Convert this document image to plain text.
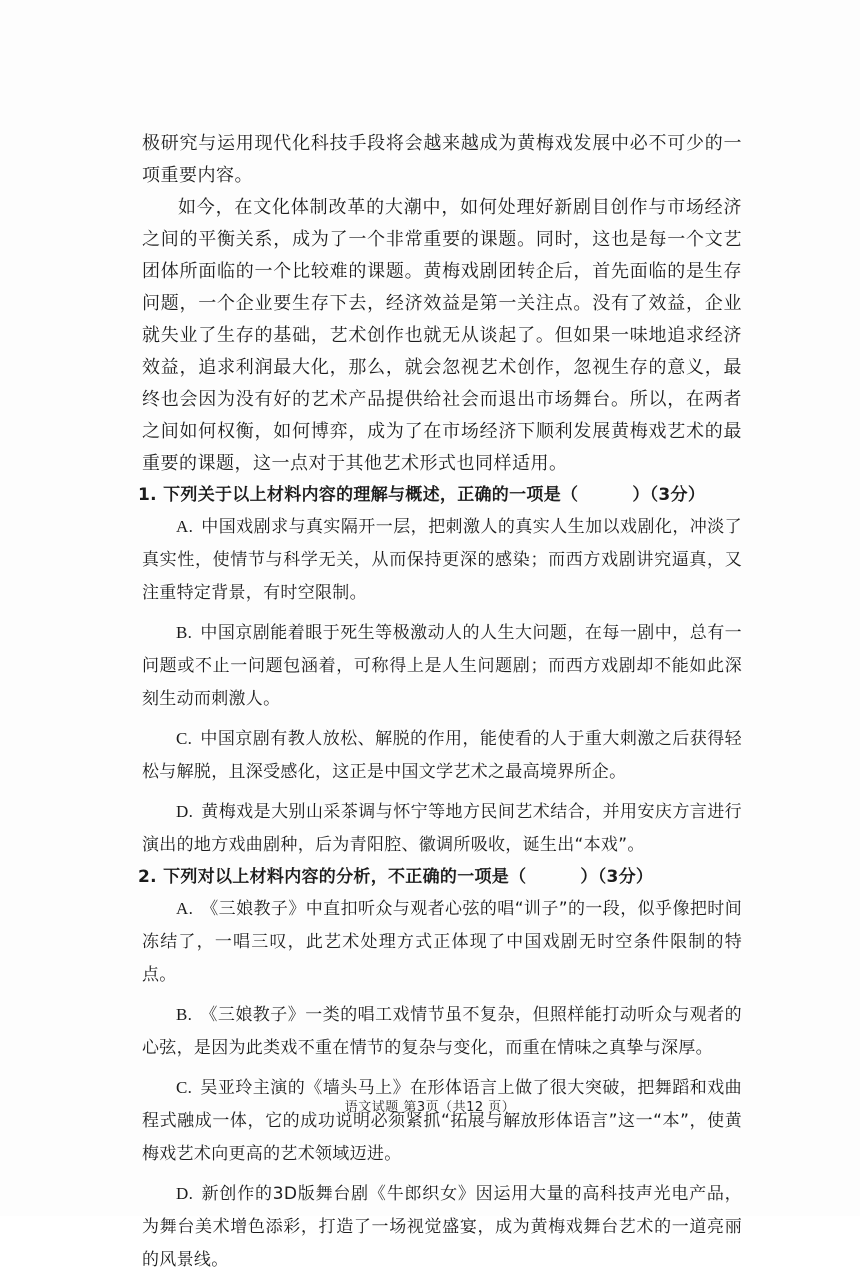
极研究与运用现代化科技手段将会越来越成为黄梅戏发展中必不可少的一项重要内容。

如今，在文化体制改革的大潮中，如何处理好新剧目创作与市场经济之间的平衡关系，成为了一个非常重要的课题。同时，这也是每一个文艺团体所面临的一个比较难的课题。黄梅戏剧团转企后，首先面临的是生存问题，一个企业要生存下去，经济效益是第一关注点。没有了效益，企业就失业了生存的基础，艺术创作也就无从谈起了。但如果一味地追求经济效益，追求利润最大化，那么，就会忽视艺术创作，忽视生存的意义，最终也会因为没有好的艺术产品提供给社会而退出市场舞台。所以，在两者之间如何权衡，如何博弈，成为了在市场经济下顺利发展黄梅戏艺术的最重要的课题，这一点对于其他艺术形式也同样适用。

1. 下列关于以上材料内容的理解与概述，正确的一项是（	）（3分）

A. 中国戏剧求与真实隔开一层，把刺激人的真实人生加以戏剧化，冲淡了真实性，使情节与科学无关，从而保持更深的感染；而西方戏剧讲究逼真，又注重特定背景，有时空限制。

B. 中国京剧能着眼于死生等极激动人的人生大问题，在每一剧中，总有一问题或不止一问题包涵着，可称得上是人生问题剧；而西方戏剧却不能如此深刻生动而刺激人。

C. 中国京剧有教人放松、解脱的作用，能使看的人于重大刺激之后获得轻松与解脱，且深受感化，这正是中国文学艺术之最高境界所企。

D. 黄梅戏是大别山采茶调与怀宁等地方民间艺术结合，并用安庆方言进行演出的地方戏曲剧种，后为青阳腔、徽调所吸收，诞生出“本戏”。

2. 下列对以上材料内容的分析，不正确的一项是（	）（3分）

A. 《三娘教子》中直扣听众与观者心弦的唱“训子”的一段，似乎像把时间冻结了，一唱三叹，此艺术处理方式正体现了中国戏剧无时空条件限制的特点。

B. 《三娘教子》一类的唱工戏情节虽不复杂，但照样能打动听众与观者的心弦，是因为此类戏不重在情节的复杂与变化，而重在情味之真挚与深厚。

C. 吴亚玲主演的《墙头马上》在形体语言上做了很大突破，把舞蹈和戏曲程式融成一体，它的成功说明必须紧抓“拓展与解放形体语言”这一“本”，使黄梅戏艺术向更高的艺术领域迈进。

D. 新创作的3D版舞台剧《牛郎织女》因运用大量的高科技声光电产品，为舞台美术增色添彩，打造了一场视觉盛宴，成为黄梅戏舞台艺术的一道亮丽的风景线。

语文试题 第3页（共12 页）
